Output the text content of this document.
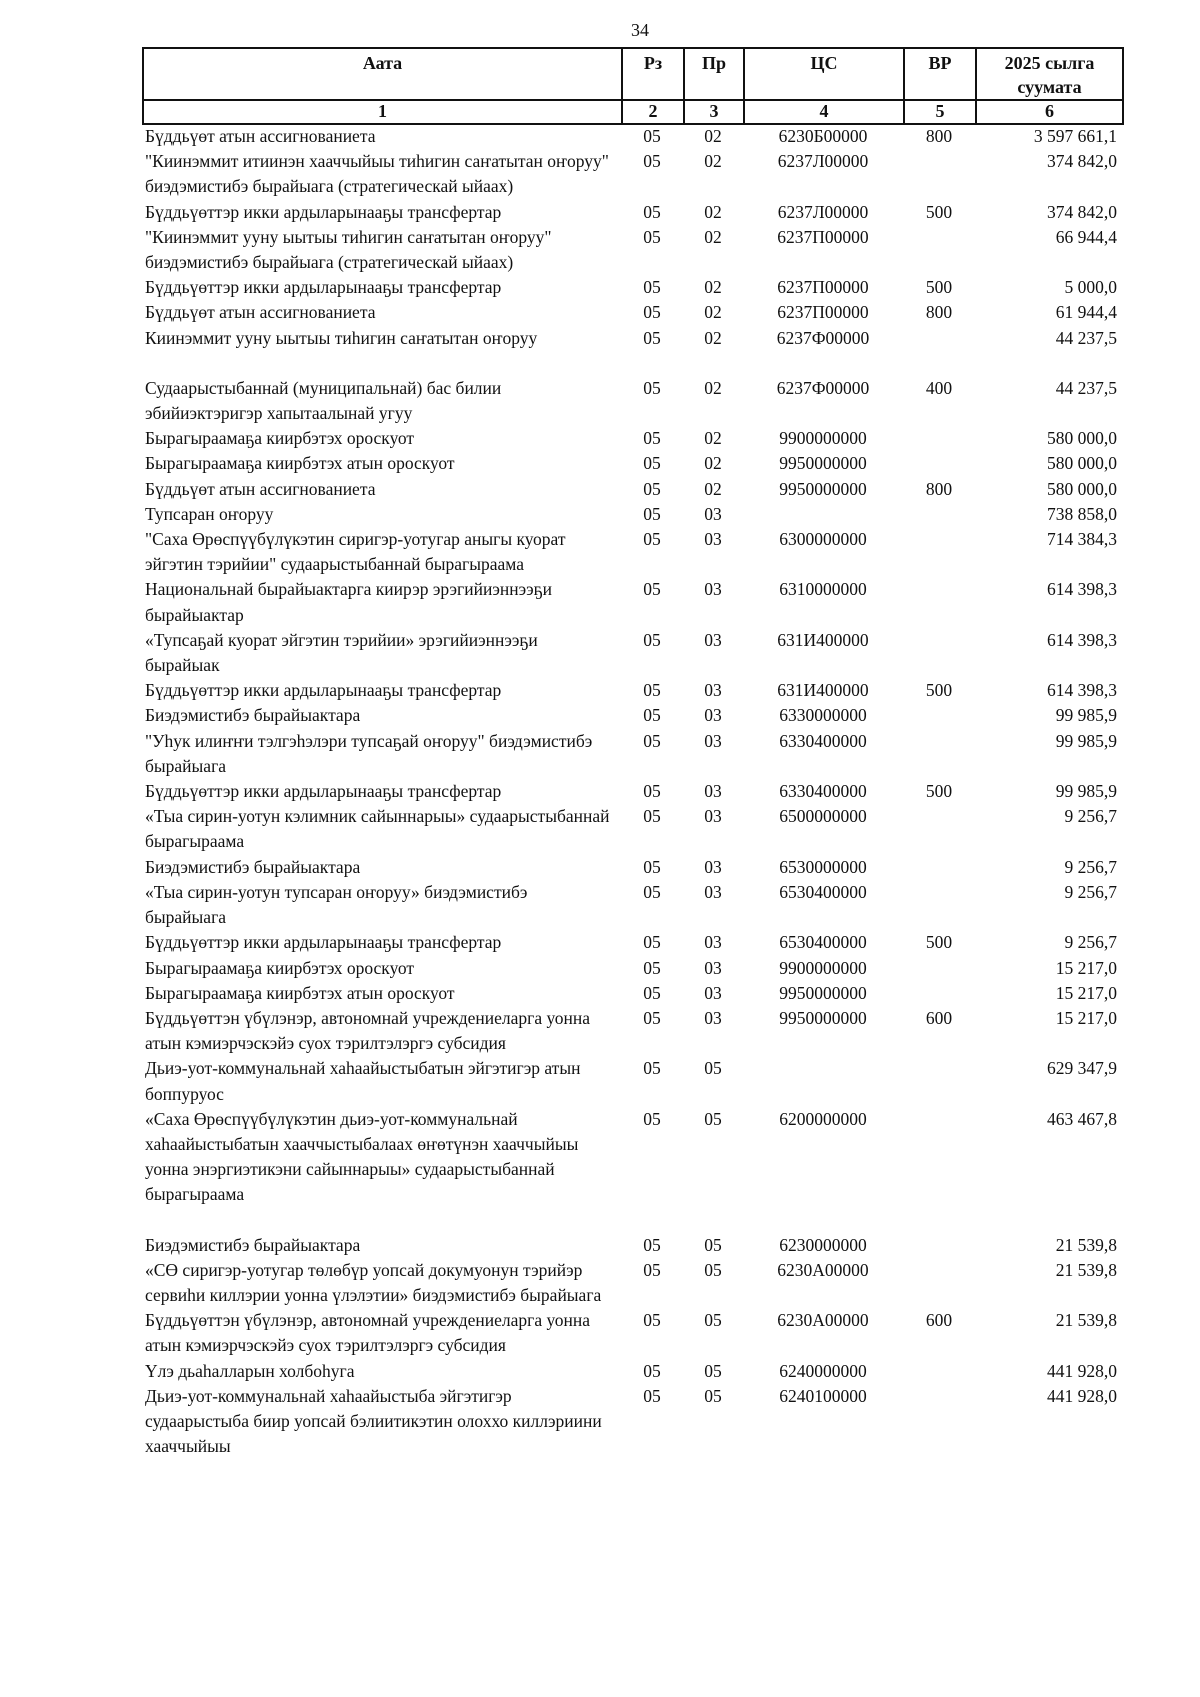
34
Аата	Рз	Пр	ЦС	ВР	2025 сылга суумата
1	2	3	4	5	6
Бүддьүөт атын ассигнованиета	05	02	6230Б00000	800	3 597 661,1
"Киинэммит итиинэн хааччыйыы тиһигин саҥатытан оҥоруу" биэдэмистибэ бырайыага (стратегическай ыйаах)	05	02	6237Л00000		374 842,0
Бүддьүөттэр икки ардыларынааҕы трансфертар	05	02	6237Л00000	500	374 842,0
"Киинэммит ууну ыытыы тиһигин саҥатытан оҥоруу" биэдэмистибэ бырайыага (стратегическай ыйаах)	05	02	6237П00000		66 944,4
Бүддьүөттэр икки ардыларынааҕы трансфертар	05	02	6237П00000	500	5 000,0
Бүддьүөт атын ассигнованиета	05	02	6237П00000	800	61 944,4
Киинэммит ууну ыытыы тиһигин саҥатытан оҥоруу	05	02	6237Ф00000		44 237,5
Судаарыстыбаннай (муниципальнай) бас билии эбийиэктэригэр хапытаалынай угуу	05	02	6237Ф00000	400	44 237,5
Бырагыраамаҕа киирбэтэх ороскуот	05	02	9900000000		580 000,0
Бырагыраамаҕа киирбэтэх атын ороскуот	05	02	9950000000		580 000,0
Бүддьүөт атын ассигнованиета	05	02	9950000000	800	580 000,0
Тупсаран оҥоруу	05	03			738 858,0
"Саха Өрөспүүбүлүкэтин сиригэр-уотугар аныгы куорат эйгэтин тэрийии" судаарыстыбаннай бырагыраама	05	03	6300000000		714 384,3
Национальнай бырайыактарга киирэр эрэгийиэннээҕи бырайыактар	05	03	6310000000		614 398,3
«Тупсаҕай куорат эйгэтин тэрийии» эрэгийиэннээҕи бырайыак	05	03	631И400000		614 398,3
Бүддьүөттэр икки ардыларынааҕы трансфертар	05	03	631И400000	500	614 398,3
Биэдэмистибэ бырайыактара	05	03	6330000000		99 985,9
"Уһук илиҥҥи тэлгэһэлэри тупсаҕай оҥоруу" биэдэмистибэ бырайыага	05	03	6330400000		99 985,9
Бүддьүөттэр икки ардыларынааҕы трансфертар	05	03	6330400000	500	99 985,9
«Тыа сирин-уотун кэлимник сайыннарыы» судаарыстыбаннай бырагыраама	05	03	6500000000		9 256,7
Биэдэмистибэ бырайыактара	05	03	6530000000		9 256,7
«Тыа сирин-уотун тупсаран оҥоруу» биэдэмистибэ бырайыага	05	03	6530400000		9 256,7
Бүддьүөттэр икки ардыларынааҕы трансфертар	05	03	6530400000	500	9 256,7
Бырагыраамаҕа киирбэтэх ороскуот	05	03	9900000000		15 217,0
Бырагыраамаҕа киирбэтэх атын ороскуот	05	03	9950000000		15 217,0
Бүддьүөттэн үбүлэнэр, автономнай учреждениеларга уонна атын кэмиэрчэскэйэ суох тэрилтэлэргэ субсидия	05	03	9950000000	600	15 217,0
Дьиэ-уот-коммунальнай хаһаайыстыбатын эйгэтигэр атын боппуруос	05	05			629 347,9
«Саха Өрөспүүбүлүкэтин дьиэ-уот-коммунальнай хаһаайыстыбатын хааччыстыбалаах өҥөтүнэн хааччыйыы уонна энэргиэтикэни сайыннарыы» судаарыстыбаннай бырагыраама	05	05	6200000000		463 467,8
Биэдэмистибэ бырайыактара	05	05	6230000000		21 539,8
«СӨ сиригэр-уотугар төлөбүр уопсай докумуонун тэрийэр сервиһи киллэрии уонна үлэлэтии» биэдэмистибэ бырайыага	05	05	6230А00000		21 539,8
Бүддьүөттэн үбүлэнэр, автономнай учреждениеларга уонна атын кэмиэрчэскэйэ суох тэрилтэлэргэ субсидия	05	05	6230А00000	600	21 539,8
Үлэ дьаһалларын холбоһуга	05	05	6240000000		441 928,0
Дьиэ-уот-коммунальнай хаһаайыстыба эйгэтигэр судаарыстыба биир уопсай бэлиитикэтин олоххо киллэриини хааччыйыы	05	05	6240100000		441 928,0
